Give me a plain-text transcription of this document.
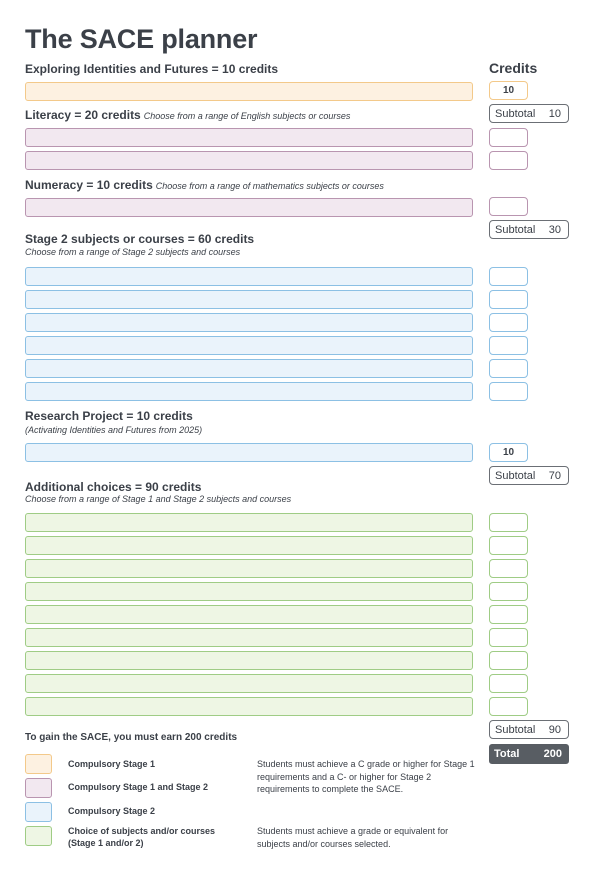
The SACE planner
Credits
Exploring Identities and Futures = 10 credits
10
Literacy = 20 credits Choose from a range of English subjects or courses	Subtotal 10
Numeracy = 10 credits Choose from a range of mathematics subjects or courses
Subtotal 30
Stage 2 subjects or courses = 60 credits
Choose from a range of Stage 2 subjects and courses
Research Project = 10 credits
(Activating Identities and Futures from 2025)
10
Subtotal 70
Additional choices = 90 credits
Choose from a range of Stage 1 and Stage 2 subjects and courses
Subtotal 90
Total 200
To gain the SACE, you must earn 200 credits
Compulsory Stage 1
Compulsory Stage 1 and Stage 2
Compulsory Stage 2
Choice of subjects and/or courses
(Stage 1 and/or 2)
Students must achieve a C grade or higher for Stage 1 requirements and a C- or higher for Stage 2 requirements to complete the SACE.
Students must achieve a grade or equivalent for subjects and/or courses selected.
